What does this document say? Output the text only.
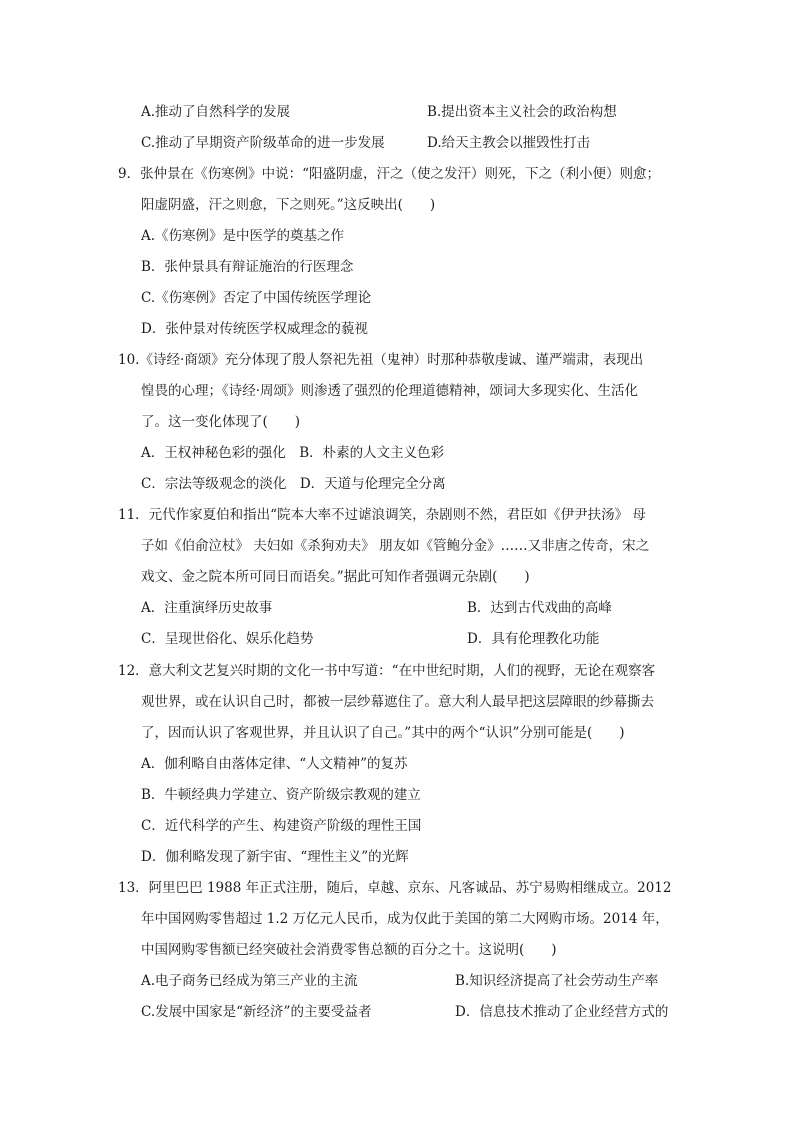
A.推动了自然科学的发展	B.提出资本主义社会的政治构想
C.推动了早期资产阶级革命的进一步发展	D.给天主教会以摧毁性打击
9．张仲景在《伤寒例》中说：“阳盛阴虚，汗之（使之发汗）则死，下之（利小便）则愈；
阳虚阴盛，汗之则愈，下之则死。”这反映出(　　)
A.《伤寒例》是中医学的奠基之作
B．张仲景具有辩证施治的行医理念
C.《伤寒例》否定了中国传统医学理论
D．张仲景对传统医学权威理念的藐视
10.《诗经·商颂》充分体现了殷人祭祀先祖（鬼神）时那种恭敬虔诚、谨严端肃，表现出
惶畏的心理；《诗经·周颂》则渗透了强烈的伦理道德精神，颂词大多现实化、生活化
了。这一变化体现了(　　)
A．王权神秘色彩的强化　B．朴素的人文主义色彩
C．宗法等级观念的淡化　D．天道与伦理完全分离
11．元代作家夏伯和指出“院本大率不过谑浪调笑，杂剧则不然，君臣如《伊尹扶汤》 母
子如《伯俞泣杖》 夫妇如《杀狗劝夫》 朋友如《管鲍分金》……又非唐之传奇，宋之
戏文、金之院本所可同日而语矣。”据此可知作者强调元杂剧(　　)
A．注重演绎历史故事	B．达到古代戏曲的高峰
C．呈现世俗化、娱乐化趋势	D．具有伦理教化功能
12．意大利文艺复兴时期的文化一书中写道：“在中世纪时期，人们的视野，无论在观察客
观世界，或在认识自己时，都被一层纱幕遮住了。意大利人最早把这层障眼的纱幕撕去
了，因而认识了客观世界，并且认识了自己。”其中的两个“认识”分别可能是(　　)
A．伽利略自由落体定律、“人文精神”的复苏
B．牛顿经典力学建立、资产阶级宗教观的建立
C．近代科学的产生、构建资产阶级的理性王国
D．伽利略发现了新宇宙、“理性主义”的光辉
13．阿里巴巴 1988 年正式注册，随后，卓越、京东、凡客诚品、苏宁易购相继成立。2012
年中国网购零售超过 1.2 万亿元人民币，成为仅此于美国的第二大网购市场。2014 年，
中国网购零售额已经突破社会消费零售总额的百分之十。这说明(　　)
A.电子商务已经成为第三产业的主流	B.知识经济提高了社会劳动生产率
C.发展中国家是“新经济”的主要受益者	D．信息技术推动了企业经营方式的
